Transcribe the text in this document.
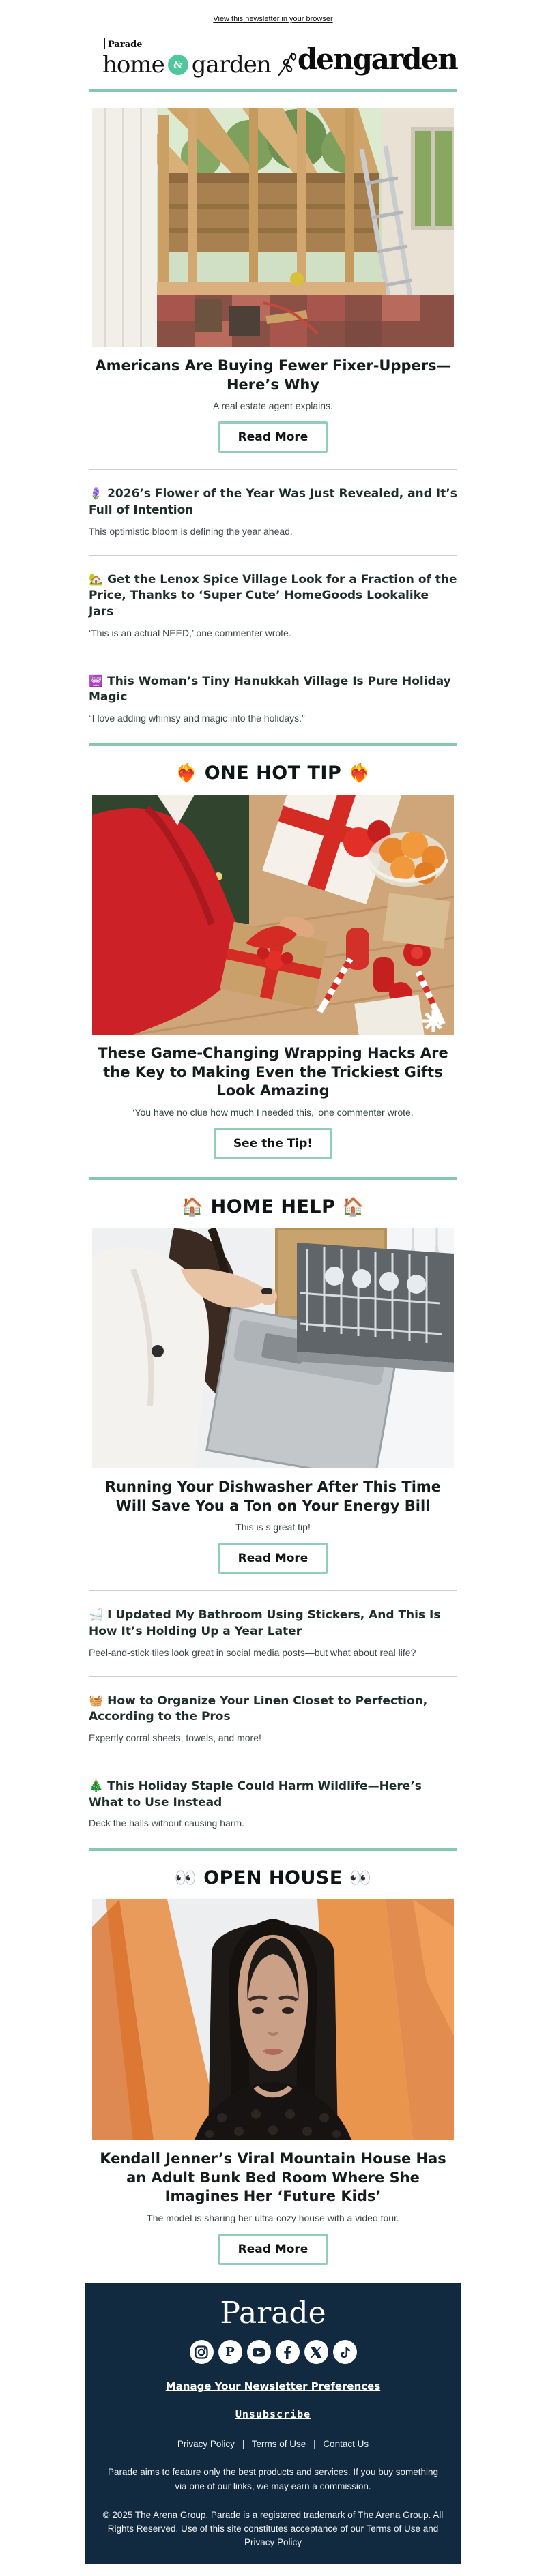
View this newsletter in your browser
Parade
home & garden dengarden
Americans Are Buying Fewer Fixer-Uppers—Here’s Why
A real estate agent explains.
Read More
🪻 2026’s Flower of the Year Was Just Revealed, and It’s Full of Intention
This optimistic bloom is defining the year ahead.
🏡 Get the Lenox Spice Village Look for a Fraction of the Price, Thanks to ‘Super Cute’ HomeGoods Lookalike Jars
‘This is an actual NEED,’ one commenter wrote.
🕎 This Woman’s Tiny Hanukkah Village Is Pure Holiday Magic
“I love adding whimsy and magic into the holidays.”
❤️‍🔥 ONE HOT TIP ❤️‍🔥
These Game-Changing Wrapping Hacks Are the Key to Making Even the Trickiest Gifts Look Amazing
‘You have no clue how much I needed this,’ one commenter wrote.
See the Tip!
🏠 HOME HELP 🏠
Running Your Dishwasher After This Time Will Save You a Ton on Your Energy Bill
This is s great tip!
Read More
🛁 I Updated My Bathroom Using Stickers, And This Is How It’s Holding Up a Year Later
Peel-and-stick tiles look great in social media posts—but what about real life?
🧺 How to Organize Your Linen Closet to Perfection, According to the Pros
Expertly corral sheets, towels, and more!
🎄 This Holiday Staple Could Harm Wildlife—Here’s What to Use Instead
Deck the halls without causing harm.
👀 OPEN HOUSE 👀
Kendall Jenner’s Viral Mountain House Has an Adult Bunk Bed Room Where She Imagines Her ‘Future Kids’
The model is sharing her ultra-cozy house with a video tour.
Read More
Parade
P
Manage Your Newsletter Preferences
Unsubscribe
Privacy Policy | Terms of Use | Contact Us
Parade aims to feature only the best products and services. If you buy something via one of our links, we may earn a commission.
© 2025 The Arena Group. Parade is a registered trademark of The Arena Group. All Rights Reserved. Use of this site constitutes acceptance of our Terms of Use and Privacy Policy
